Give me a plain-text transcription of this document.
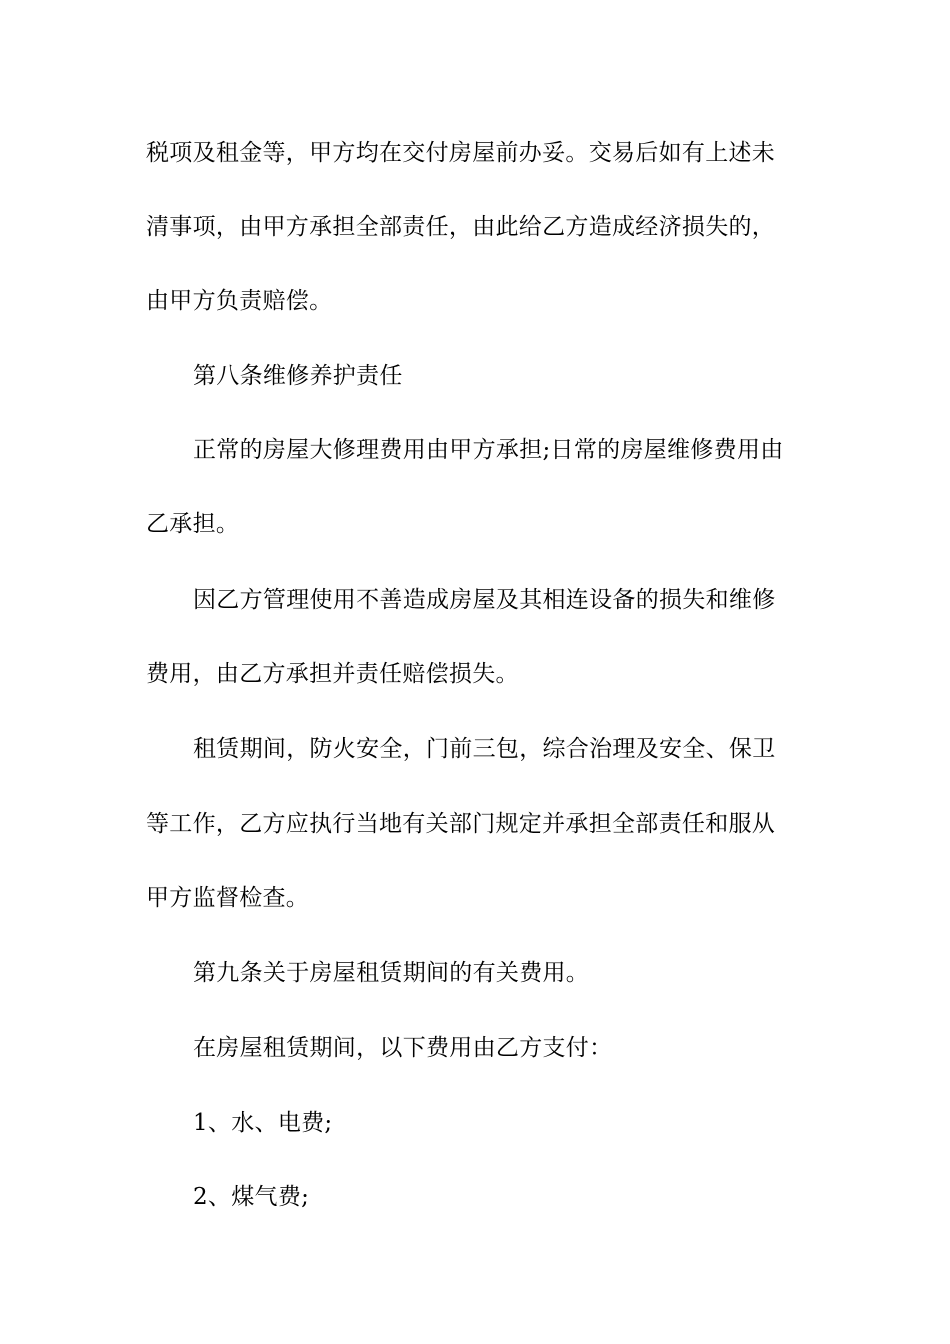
税项及租金等，甲方均在交付房屋前办妥。交易后如有上述未
清事项，由甲方承担全部责任，由此给乙方造成经济损失的，
由甲方负责赔偿。
第八条维修养护责任
正常的房屋大修理费用由甲方承担;日常的房屋维修费用由
乙承担。
因乙方管理使用不善造成房屋及其相连设备的损失和维修
费用，由乙方承担并责任赔偿损失。
租赁期间，防火安全，门前三包，综合治理及安全、保卫
等工作，乙方应执行当地有关部门规定并承担全部责任和服从
甲方监督检查。
第九条关于房屋租赁期间的有关费用。
在房屋租赁期间，以下费用由乙方支付：
1、水、电费;
2、煤气费;
